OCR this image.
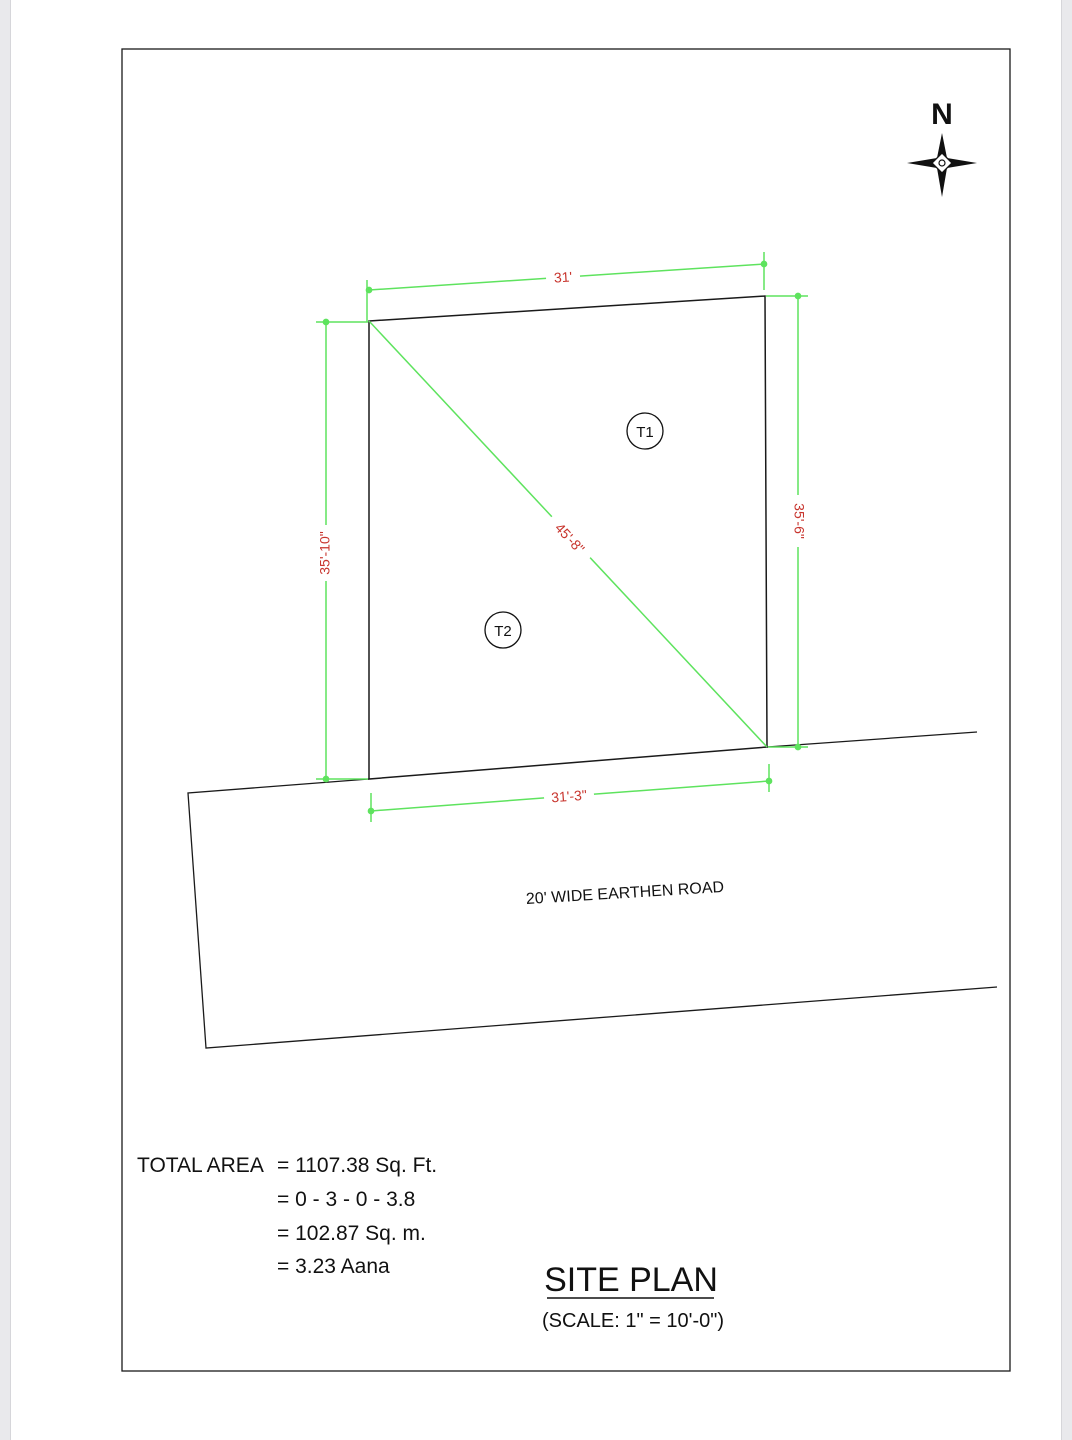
N
31'
35'-10"
35'-6"
45'-8"
31'-3"
T1
T2
20' WIDE EARTHEN ROAD
TOTAL AREA = 1107.38 Sq. Ft.
= 0 - 3 - 0 - 3.8
= 102.87 Sq. m.
= 3.23 Aana	SITE PLAN
(SCALE: 1" = 10'-0")
